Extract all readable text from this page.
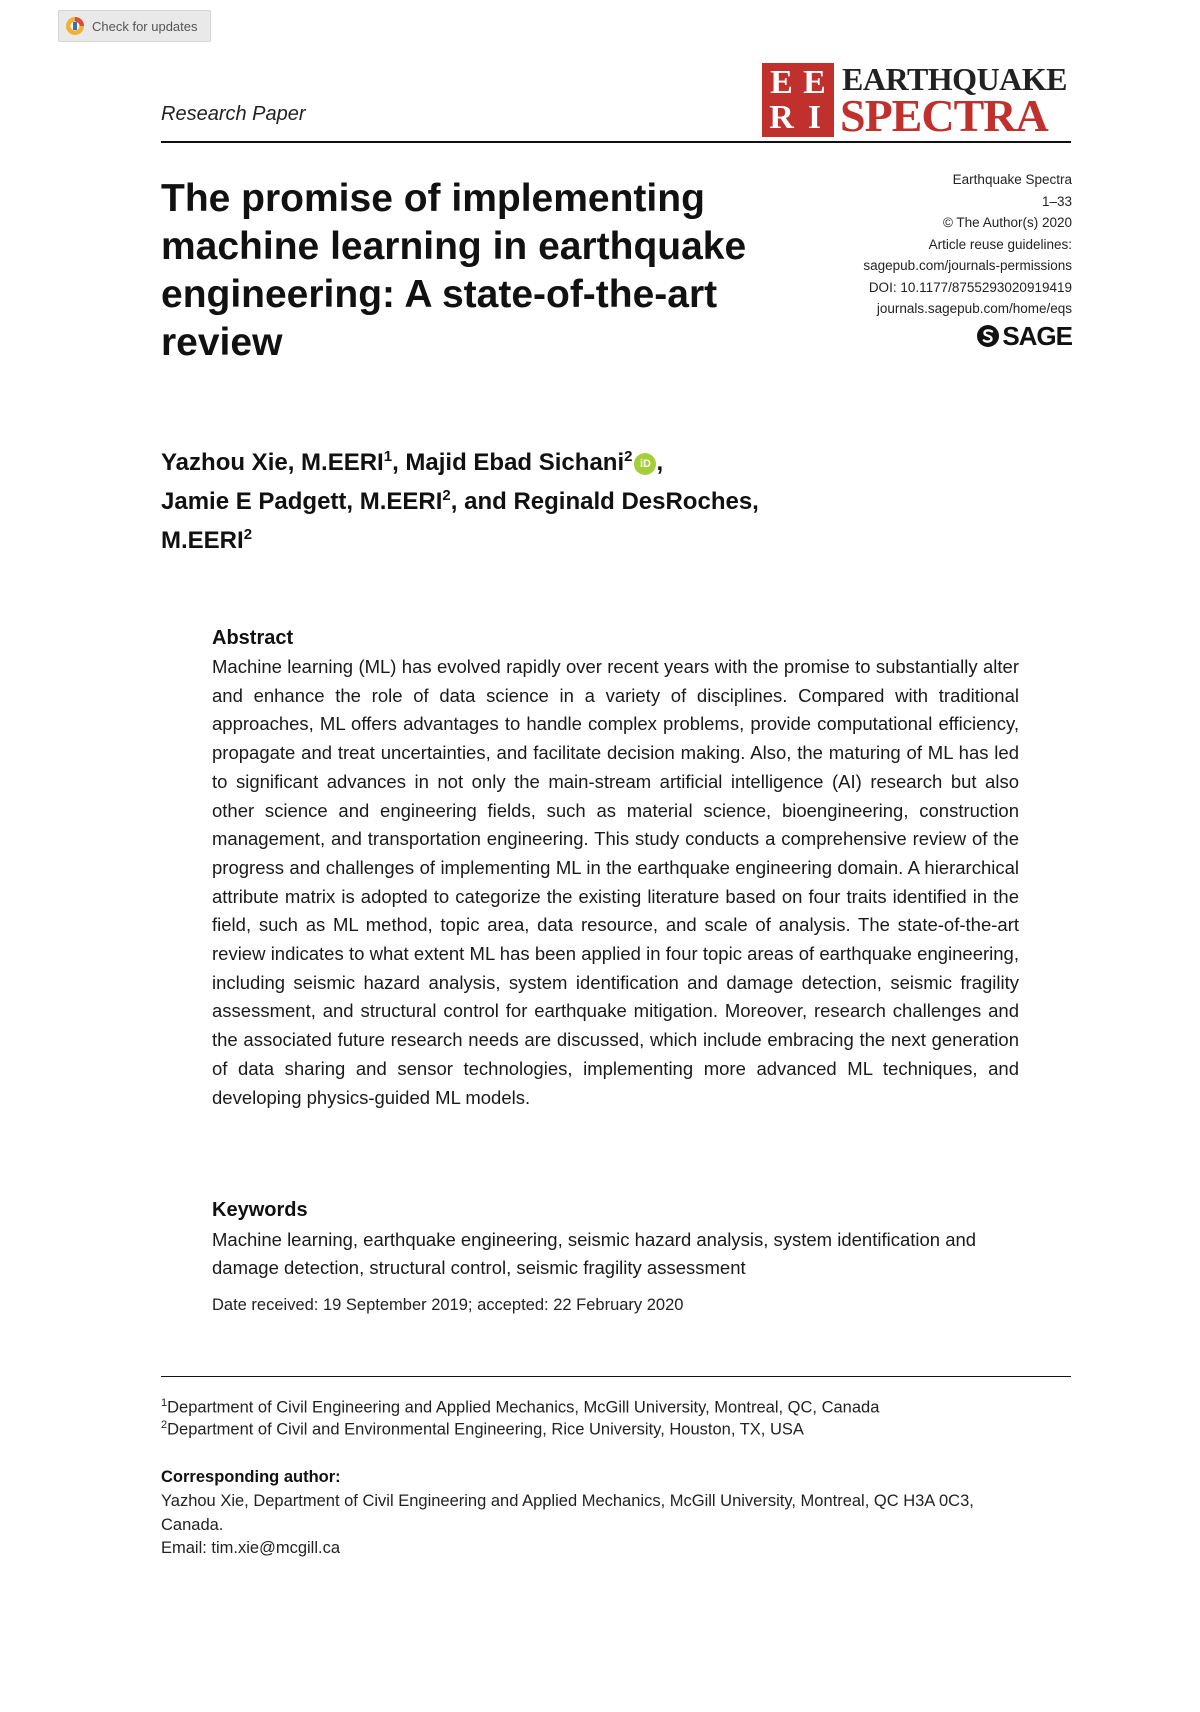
Check for updates
Research Paper
E E
R I
EARTHQUAKE
SPECTRA
The promise of implementing machine learning in earthquake engineering: A state-of-the-art review
Earthquake Spectra
1–33
© The Author(s) 2020
Article reuse guidelines:
sagepub.com/journals-permissions
DOI: 10.1177/8755293020919419
journals.sagepub.com/home/eqs
SAGE
Yazhou Xie, M.EERI$^1$, Majid Ebad Sichani$^2$ iD ,
Jamie E Padgett, M.EERI$^2$, and Reginald DesRoches, M.EERI$^2$
Abstract

Machine learning (ML) has evolved rapidly over recent years with the promise to substantially alter and enhance the role of data science in a variety of disciplines. Compared with traditional approaches, ML offers advantages to handle complex problems, provide computational efficiency, propagate and treat uncertainties, and facilitate decision making. Also, the maturing of ML has led to significant advances in not only the main-stream artificial intelligence (AI) research but also other science and engineering fields, such as material science, bioengineering, construction management, and transportation engineering. This study conducts a comprehensive review of the progress and challenges of implementing ML in the earthquake engineering domain. A hierarchical attribute matrix is adopted to categorize the existing literature based on four traits identified in the field, such as ML method, topic area, data resource, and scale of analysis. The state-of-the-art review indicates to what extent ML has been applied in four topic areas of earthquake engineering, including seismic hazard analysis, system identification and damage detection, seismic fragility assessment, and structural control for earthquake mitigation. Moreover, research challenges and the associated future research needs are discussed, which include embracing the next generation of data sharing and sensor technologies, implementing more advanced ML techniques, and developing physics-guided ML models.

Keywords

Machine learning, earthquake engineering, seismic hazard analysis, system identification and damage detection, structural control, seismic fragility assessment

Date received: 19 September 2019; accepted: 22 February 2020
$^1$Department of Civil Engineering and Applied Mechanics, McGill University, Montreal, QC, Canada
$^2$Department of Civil and Environmental Engineering, Rice University, Houston, TX, USA
Corresponding author:
Yazhou Xie, Department of Civil Engineering and Applied Mechanics, McGill University, Montreal, QC H3A 0C3,
Canada.
Email: tim.xie@mcgill.ca
